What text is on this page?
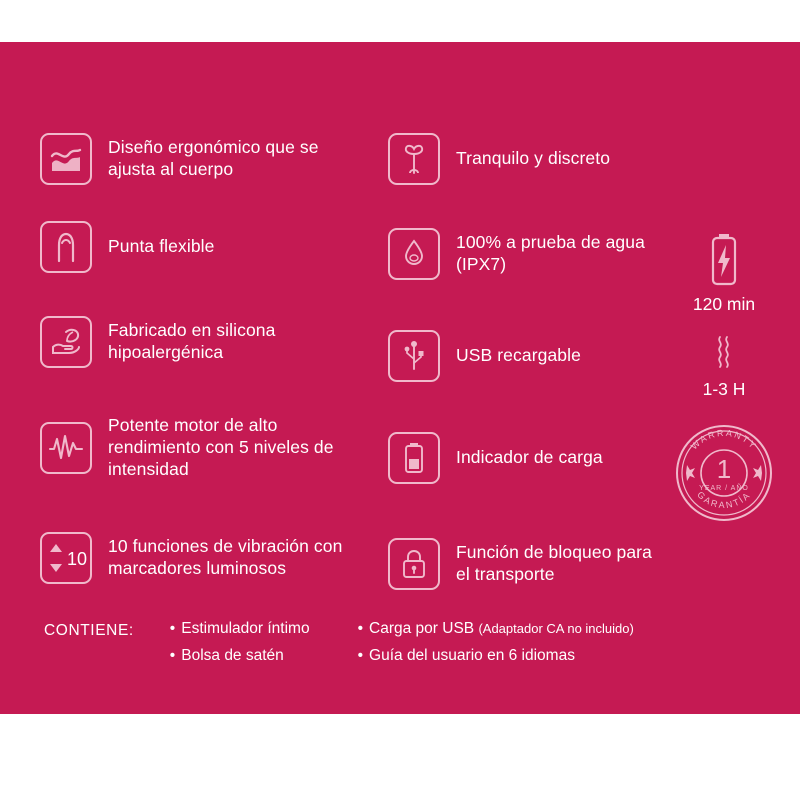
Diseño ergonómico que se ajusta al cuerpo
Punta flexible
Fabricado en silicona hipoalergénica
Potente motor de alto rendimiento con 5 niveles de intensidad
10
10 funciones de vibración con marcadores luminosos
Tranquilo y discreto
100% a prueba de agua (IPX7)
USB recargable
Indicador de carga
Función de bloqueo para el transporte
120 min
1-3 H
WARRANTY
GARANTÍA
1
YEAR / AÑO
CONTIENE: • Estimulador íntimo
• Bolsa de satén
• Carga por USB (Adaptador CA no incluido)
• Guía del usuario en 6 idiomas
